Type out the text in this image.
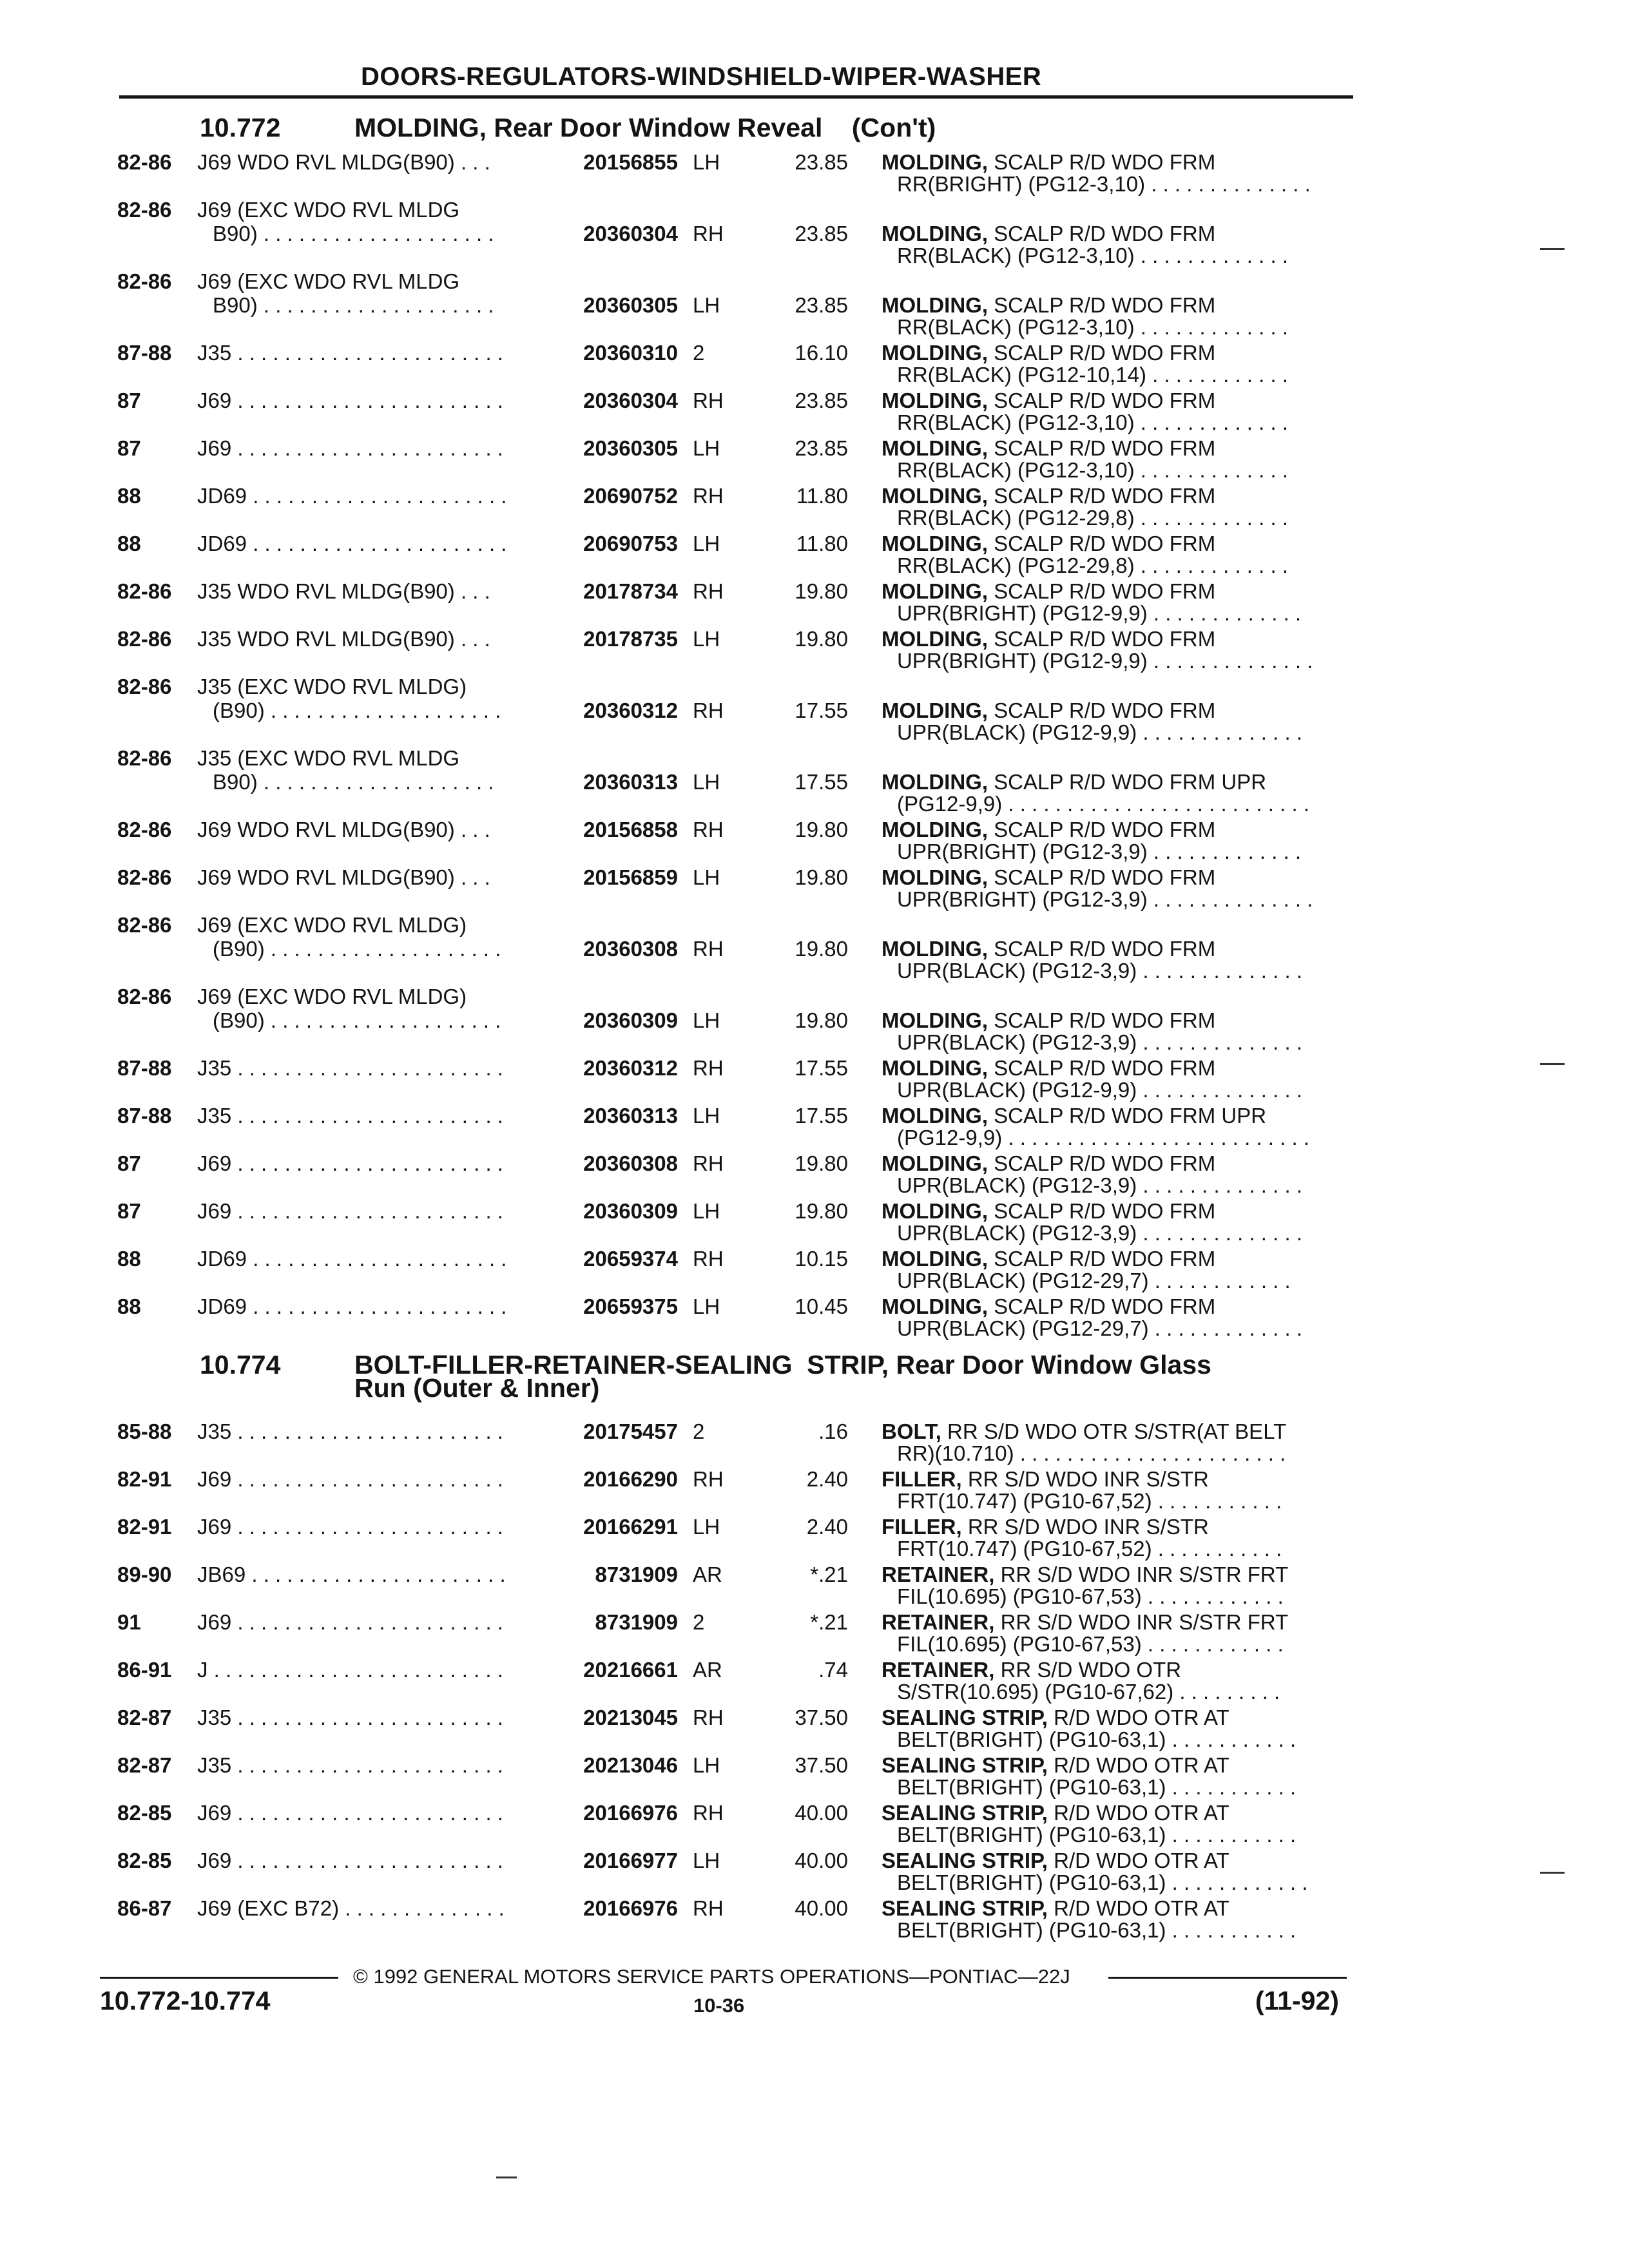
DOORS-REGULATORS-WINDSHIELD-WIPER-WASHER
10.772	MOLDING, Rear Door Window Reveal    (Con't)
82-86 J69 WDO RVL MLDG(B90) . . .	20156855 LH	23.85 MOLDING, SCALP R/D WDO FRM
RR(BRIGHT) (PG12-3,10) . . . . . . . . . . . . . .
82-86 J69 (EXC WDO RVL MLDG
B90) . . . . . . . . . . . . . . . . . . . .	20360304 RH	23.85 MOLDING, SCALP R/D WDO FRM
RR(BLACK) (PG12-3,10) . . . . . . . . . . . . .
82-86 J69 (EXC WDO RVL MLDG
B90) . . . . . . . . . . . . . . . . . . . .	20360305 LH	23.85 MOLDING, SCALP R/D WDO FRM
RR(BLACK) (PG12-3,10) . . . . . . . . . . . . .
87-88 J35 . . . . . . . . . . . . . . . . . . . . . . .	20360310 2	16.10 MOLDING, SCALP R/D WDO FRM
RR(BLACK) (PG12-10,14) . . . . . . . . . . . .
87	J69 . . . . . . . . . . . . . . . . . . . . . . .	20360304 RH	23.85 MOLDING, SCALP R/D WDO FRM
RR(BLACK) (PG12-3,10) . . . . . . . . . . . . .
87	J69 . . . . . . . . . . . . . . . . . . . . . . .	20360305 LH	23.85 MOLDING, SCALP R/D WDO FRM
RR(BLACK) (PG12-3,10) . . . . . . . . . . . . .
88	JD69 . . . . . . . . . . . . . . . . . . . . . .	20690752 RH	11.80 MOLDING, SCALP R/D WDO FRM
RR(BLACK) (PG12-29,8) . . . . . . . . . . . . .
88	JD69 . . . . . . . . . . . . . . . . . . . . . .	20690753 LH	11.80 MOLDING, SCALP R/D WDO FRM
RR(BLACK) (PG12-29,8) . . . . . . . . . . . . .
82-86 J35 WDO RVL MLDG(B90) . . .	20178734 RH	19.80 MOLDING, SCALP R/D WDO FRM
UPR(BRIGHT) (PG12-9,9) . . . . . . . . . . . . .
82-86 J35 WDO RVL MLDG(B90) . . .	20178735 LH	19.80 MOLDING, SCALP R/D WDO FRM
UPR(BRIGHT) (PG12-9,9) . . . . . . . . . . . . . .
82-86 J35 (EXC WDO RVL MLDG)
(B90) . . . . . . . . . . . . . . . . . . . .	20360312 RH	17.55 MOLDING, SCALP R/D WDO FRM
UPR(BLACK) (PG12-9,9) . . . . . . . . . . . . . .
82-86 J35 (EXC WDO RVL MLDG
B90) . . . . . . . . . . . . . . . . . . . .	20360313 LH	17.55 MOLDING, SCALP R/D WDO FRM UPR
(PG12-9,9) . . . . . . . . . . . . . . . . . . . . . . . . . .
82-86 J69 WDO RVL MLDG(B90) . . .	20156858 RH	19.80 MOLDING, SCALP R/D WDO FRM
UPR(BRIGHT) (PG12-3,9) . . . . . . . . . . . . .
82-86 J69 WDO RVL MLDG(B90) . . .	20156859 LH	19.80 MOLDING, SCALP R/D WDO FRM
UPR(BRIGHT) (PG12-3,9) . . . . . . . . . . . . . .
82-86 J69 (EXC WDO RVL MLDG)
(B90) . . . . . . . . . . . . . . . . . . . .	20360308 RH	19.80 MOLDING, SCALP R/D WDO FRM
UPR(BLACK) (PG12-3,9) . . . . . . . . . . . . . .
82-86 J69 (EXC WDO RVL MLDG)
(B90) . . . . . . . . . . . . . . . . . . . .	20360309 LH	19.80 MOLDING, SCALP R/D WDO FRM
UPR(BLACK) (PG12-3,9) . . . . . . . . . . . . . .
87-88 J35 . . . . . . . . . . . . . . . . . . . . . . .	20360312 RH	17.55 MOLDING, SCALP R/D WDO FRM
UPR(BLACK) (PG12-9,9) . . . . . . . . . . . . . .
87-88 J35 . . . . . . . . . . . . . . . . . . . . . . .	20360313 LH	17.55 MOLDING, SCALP R/D WDO FRM UPR
(PG12-9,9) . . . . . . . . . . . . . . . . . . . . . . . . . .
87	J69 . . . . . . . . . . . . . . . . . . . . . . .	20360308 RH	19.80 MOLDING, SCALP R/D WDO FRM
UPR(BLACK) (PG12-3,9) . . . . . . . . . . . . . .
87	J69 . . . . . . . . . . . . . . . . . . . . . . .	20360309 LH	19.80 MOLDING, SCALP R/D WDO FRM
UPR(BLACK) (PG12-3,9) . . . . . . . . . . . . . .
88	JD69 . . . . . . . . . . . . . . . . . . . . . .	20659374 RH	10.15 MOLDING, SCALP R/D WDO FRM
UPR(BLACK) (PG12-29,7) . . . . . . . . . . . .
88	JD69 . . . . . . . . . . . . . . . . . . . . . .	20659375 LH	10.45 MOLDING, SCALP R/D WDO FRM
UPR(BLACK) (PG12-29,7) . . . . . . . . . . . . .
10.774	BOLT-FILLER-RETAINER-SEALING  STRIP, Rear Door Window Glass
Run (Outer & Inner)
85-88 J35 . . . . . . . . . . . . . . . . . . . . . . .	20175457 2	.16 BOLT, RR S/D WDO OTR S/STR(AT BELT
RR)(10.710) . . . . . . . . . . . . . . . . . . . . . . .
82-91 J69 . . . . . . . . . . . . . . . . . . . . . . .	20166290 RH	2.40 FILLER, RR S/D WDO INR S/STR
FRT(10.747) (PG10-67,52) . . . . . . . . . . .
82-91 J69 . . . . . . . . . . . . . . . . . . . . . . .	20166291 LH	2.40 FILLER, RR S/D WDO INR S/STR
FRT(10.747) (PG10-67,52) . . . . . . . . . . .
89-90 JB69 . . . . . . . . . . . . . . . . . . . . . .	8731909 AR	*.21 RETAINER, RR S/D WDO INR S/STR FRT
FIL(10.695) (PG10-67,53) . . . . . . . . . . . .
91	J69 . . . . . . . . . . . . . . . . . . . . . . .	8731909 2	*.21 RETAINER, RR S/D WDO INR S/STR FRT
FIL(10.695) (PG10-67,53) . . . . . . . . . . . .
86-91 J . . . . . . . . . . . . . . . . . . . . . . . . .	20216661 AR	.74 RETAINER, RR S/D WDO OTR
S/STR(10.695) (PG10-67,62) . . . . . . . . .
82-87 J35 . . . . . . . . . . . . . . . . . . . . . . .	20213045 RH	37.50 SEALING STRIP, R/D WDO OTR AT
BELT(BRIGHT) (PG10-63,1) . . . . . . . . . . .
82-87 J35 . . . . . . . . . . . . . . . . . . . . . . .	20213046 LH	37.50 SEALING STRIP, R/D WDO OTR AT
BELT(BRIGHT) (PG10-63,1) . . . . . . . . . . .
82-85 J69 . . . . . . . . . . . . . . . . . . . . . . .	20166976 RH	40.00 SEALING STRIP, R/D WDO OTR AT
BELT(BRIGHT) (PG10-63,1) . . . . . . . . . . .
82-85 J69 . . . . . . . . . . . . . . . . . . . . . . .	20166977 LH	40.00 SEALING STRIP, R/D WDO OTR AT
BELT(BRIGHT) (PG10-63,1) . . . . . . . . . . . .
86-87 J69 (EXC B72) . . . . . . . . . . . . . .	20166976 RH	40.00 SEALING STRIP, R/D WDO OTR AT
BELT(BRIGHT) (PG10-63,1) . . . . . . . . . . .
© 1992 GENERAL MOTORS SERVICE PARTS OPERATIONS—PONTIAC—22J
10.772-10.774	10-36	(11-92)
